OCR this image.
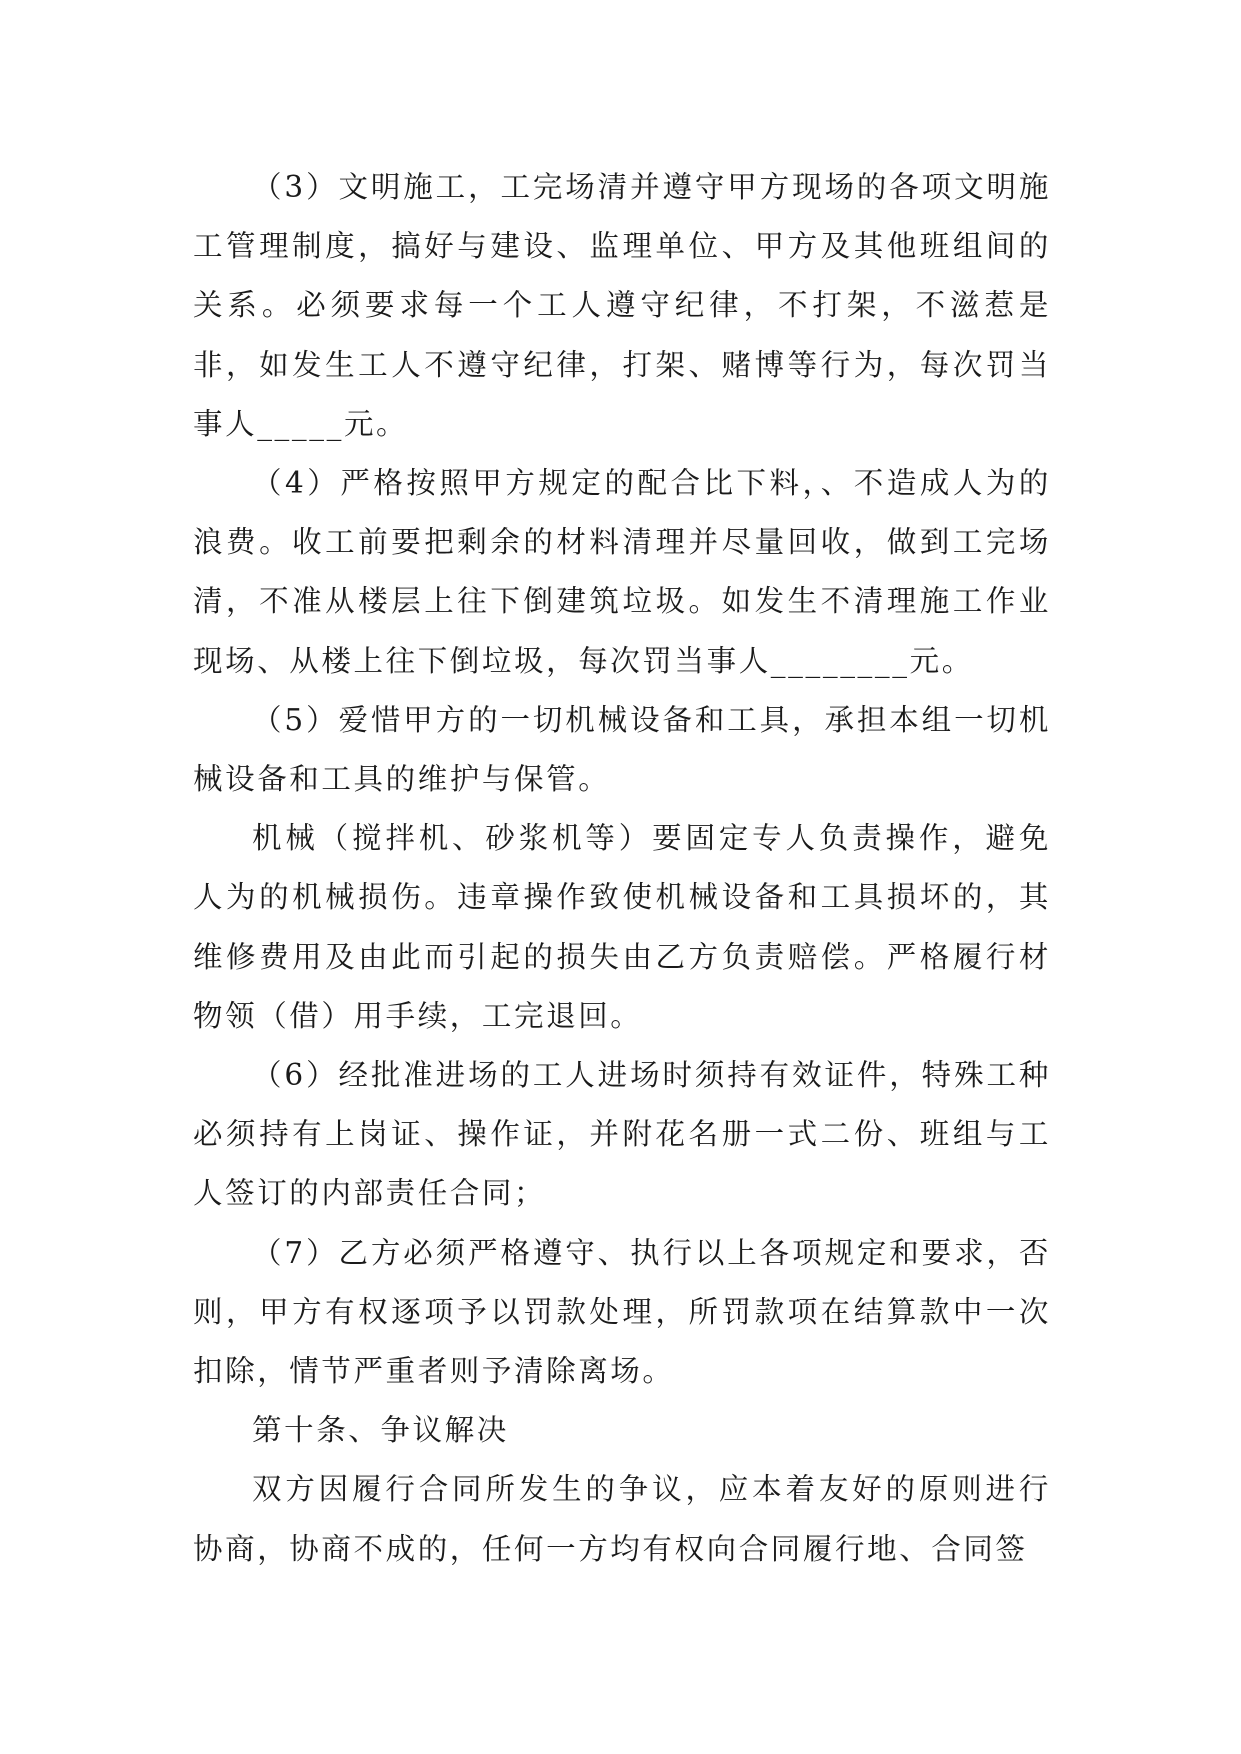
（3）文明施工，工完场清并遵守甲方现场的各项文明施工管理制度，搞好与建设、监理单位、甲方及其他班组间的关系。必须要求每一个工人遵守纪律，不打架，不滋惹是非，如发生工人不遵守纪律，打架、赌博等行为，每次罚当事人_____元。

（4）严格按照甲方规定的配合比下料，、不造成人为的浪费。收工前要把剩余的材料清理并尽量回收，做到工完场清，不准从楼层上往下倒建筑垃圾。如发生不清理施工作业现场、从楼上往下倒垃圾，每次罚当事人________元。

（5）爱惜甲方的一切机械设备和工具，承担本组一切机械设备和工具的维护与保管。

机械（搅拌机、砂浆机等）要固定专人负责操作，避免人为的机械损伤。违章操作致使机械设备和工具损坏的，其维修费用及由此而引起的损失由乙方负责赔偿。严格履行材物领（借）用手续，工完退回。

（6）经批准进场的工人进场时须持有效证件，特殊工种必须持有上岗证、操作证，并附花名册一式二份、班组与工人签订的内部责任合同；

（7）乙方必须严格遵守、执行以上各项规定和要求，否则，甲方有权逐项予以罚款处理，所罚款项在结算款中一次扣除，情节严重者则予清除离场。

第十条、争议解决

双方因履行合同所发生的争议，应本着友好的原则进行协商，协商不成的，任何一方均有权向合同履行地、合同签
